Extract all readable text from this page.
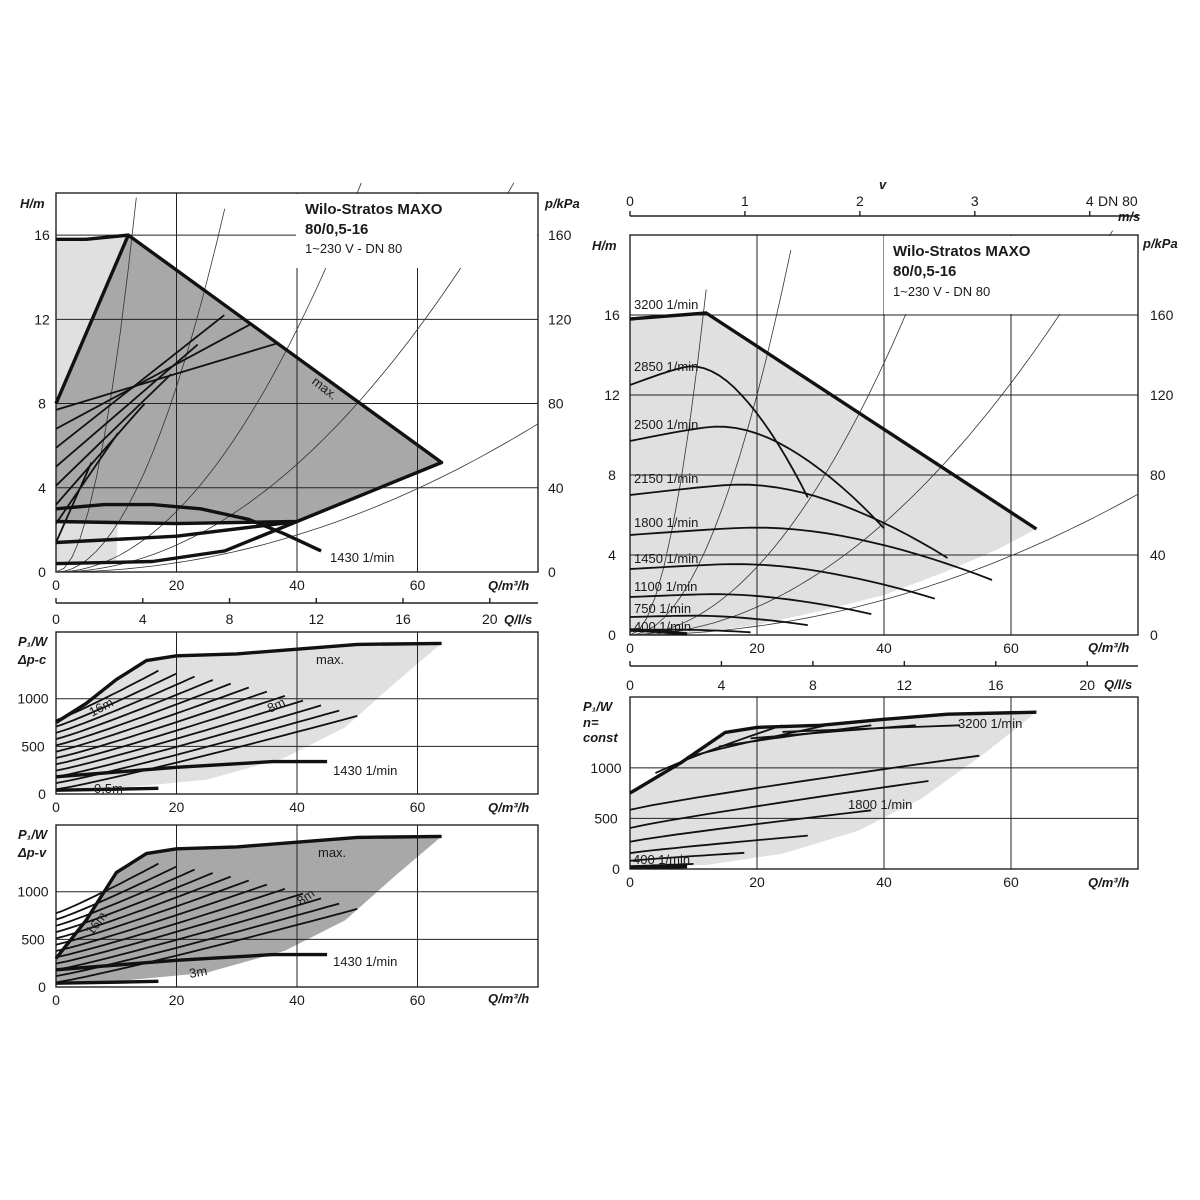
Wilo-Stratos MAXO
80/0,5-16
1~230 V - DN 80
H/m	p/kPa
Q/m³/h
max.
1430 1/min
0	20	40	60
0
4
8
12
16
0
40
80
120
160
0	4	8	12	16	20 Q/l/s
P₁/W
Δp-c
Q/m³/h
max.
16m	8m
1430 1/min
0,5m
0	20	40	60
0
500
1000
P₁/W
Δp-v
Q/m³/h
max.
16m
8m
1430 1/min
3m
0	20	40	60
0
500
1000
0	1	2	3	4
v
DN 80
m/s
Wilo-Stratos MAXO
80/0,5-16
1~230 V - DN 80
H/m	p/kPa
Q/m³/h
3200 1/min
2850 1/min
2500 1/min
2150 1/min
1800 1/min
1450 1/min
1100 1/min
750 1/min
400 1/min
0	20	40	60
0
4
8
12
16
0
40
80
120
160
0	4	8	12	16	20 Q/l/s
P₁/W
n=
const
Q/m³/h
3200 1/min
1800 1/min
400 1/min
0	20	40	60
0
500
1000
